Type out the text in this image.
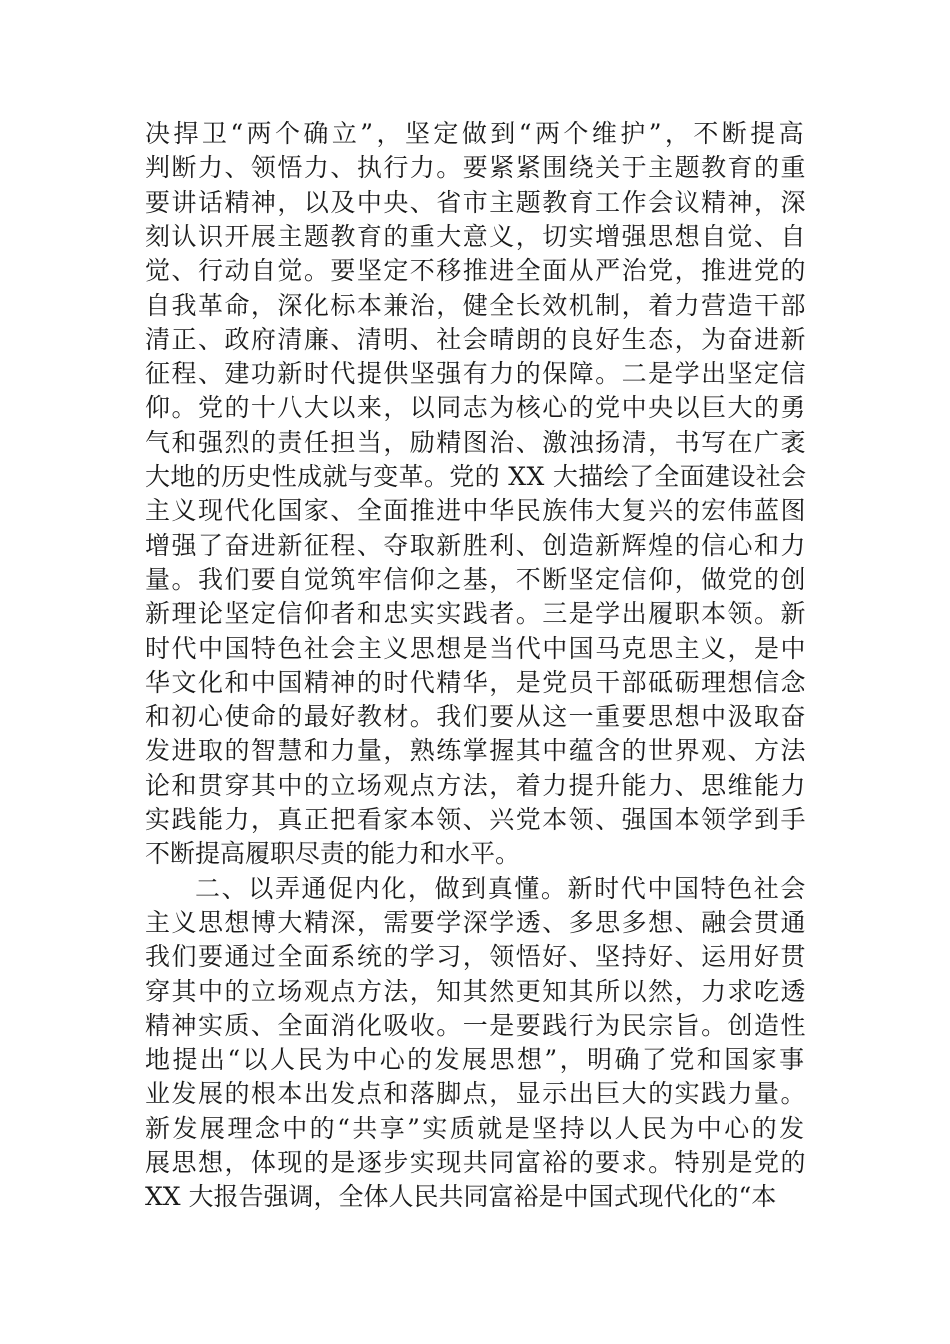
决捍卫“两个确立”，坚定做到“两个维护”，不断提高
判断力、领悟力、执行力。要紧紧围绕关于主题教育的重
要讲话精神，以及中央、省市主题教育工作会议精神，深
刻认识开展主题教育的重大意义，切实增强思想自觉、自
觉、行动自觉。要坚定不移推进全面从严治党，推进党的
自我革命，深化标本兼治，健全长效机制，着力营造干部
清正、政府清廉、清明、社会晴朗的良好生态，为奋进新
征程、建功新时代提供坚强有力的保障。二是学出坚定信
仰。党的十八大以来，以同志为核心的党中央以巨大的勇
气和强烈的责任担当，励精图治、激浊扬清，书写在广袤
大地的历史性成就与变革。党的 XX 大描绘了全面建设社会
主义现代化国家、全面推进中华民族伟大复兴的宏伟蓝图
增强了奋进新征程、夺取新胜利、创造新辉煌的信心和力
量。我们要自觉筑牢信仰之基，不断坚定信仰，做党的创
新理论坚定信仰者和忠实实践者。三是学出履职本领。新
时代中国特色社会主义思想是当代中国马克思主义，是中
华文化和中国精神的时代精华，是党员干部砥砺理想信念
和初心使命的最好教材。我们要从这一重要思想中汲取奋
发进取的智慧和力量，熟练掌握其中蕴含的世界观、方法
论和贯穿其中的立场观点方法，着力提升能力、思维能力
实践能力，真正把看家本领、兴党本领、强国本领学到手
不断提高履职尽责的能力和水平。
二、以弄通促内化，做到真懂。新时代中国特色社会
主义思想博大精深，需要学深学透、多思多想、融会贯通
我们要通过全面系统的学习，领悟好、坚持好、运用好贯
穿其中的立场观点方法，知其然更知其所以然，力求吃透
精神实质、全面消化吸收。一是要践行为民宗旨。创造性
地提出“以人民为中心的发展思想”，明确了党和国家事
业发展的根本出发点和落脚点，显示出巨大的实践力量。
新发展理念中的“共享”实质就是坚持以人民为中心的发
展思想，体现的是逐步实现共同富裕的要求。特别是党的
XX 大报告强调，全体人民共同富裕是中国式现代化的“本
